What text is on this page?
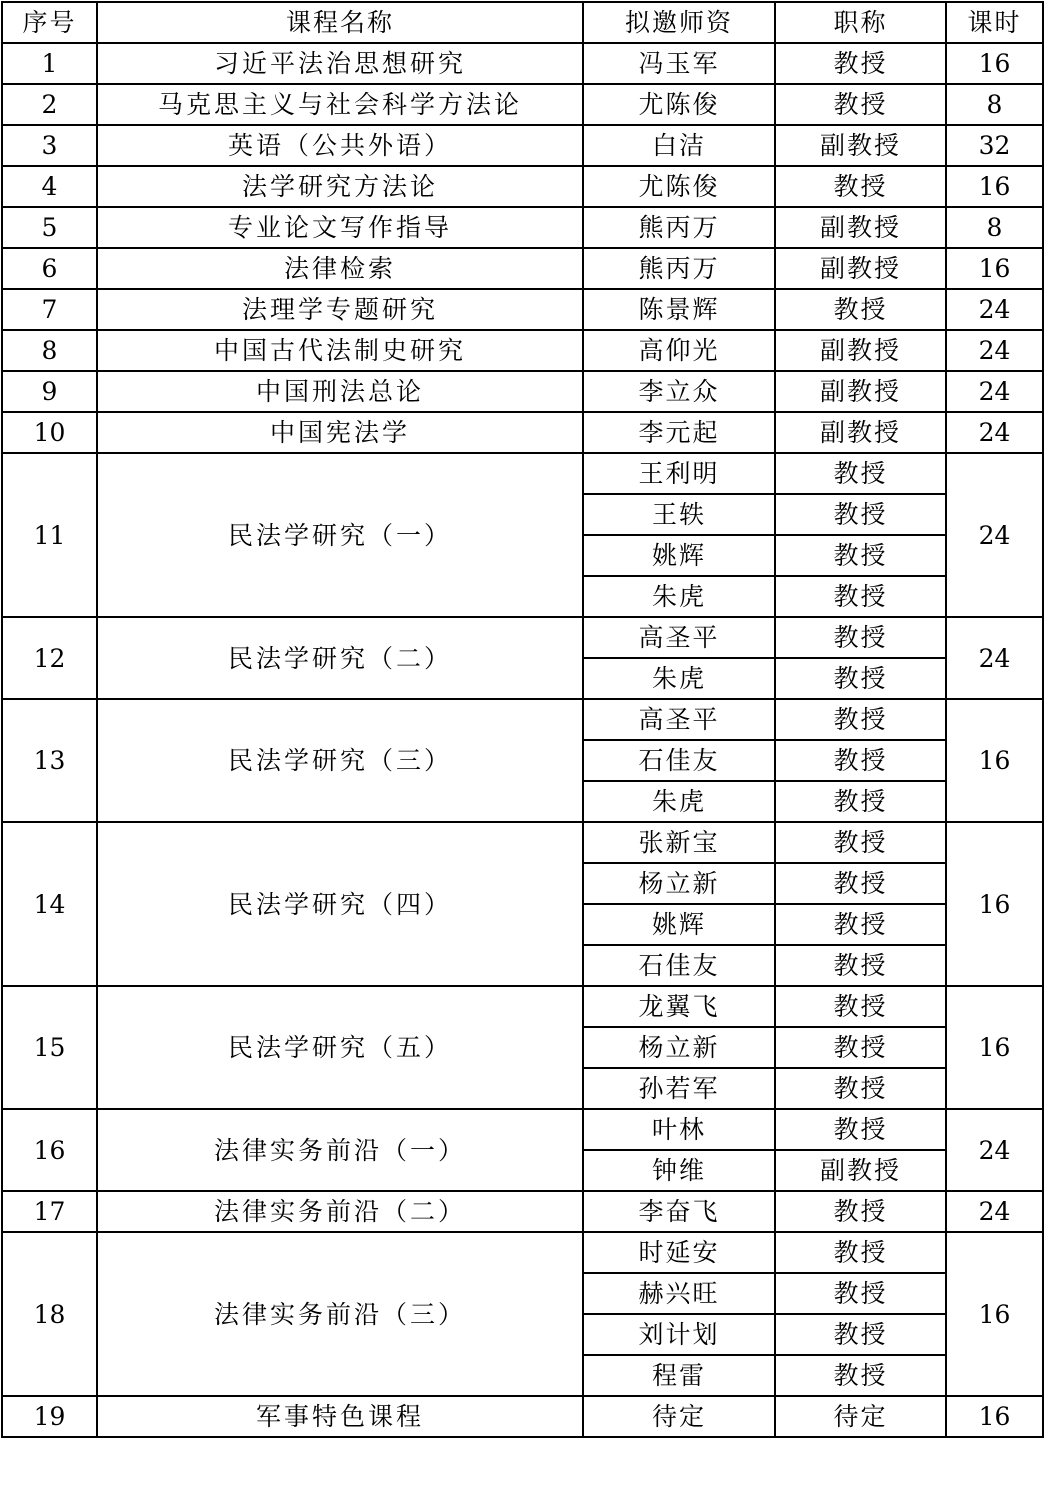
序号	课程名称	拟邀师资	职称	课时
1	习近平法治思想研究	冯玉军	教授	16
2	马克思主义与社会科学方法论	尤陈俊	教授	8
3	英语（公共外语）	白洁	副教授	32
4	法学研究方法论	尤陈俊	教授	16
5	专业论文写作指导	熊丙万	副教授	8
6	法律检索	熊丙万	副教授	16
7	法理学专题研究	陈景辉	教授	24
8	中国古代法制史研究	高仰光	副教授	24
9	中国刑法总论	李立众	副教授	24
10	中国宪法学	李元起	副教授	24
11	民法学研究（一）	王利明	教授	24
		王轶	教授	
		姚辉	教授	
		朱虎	教授	
12	民法学研究（二）	高圣平	教授	24
		朱虎	教授	
13	民法学研究（三）	高圣平	教授	16
		石佳友	教授	
		朱虎	教授	
14	民法学研究（四）	张新宝	教授	16
		杨立新	教授	
		姚辉	教授	
		石佳友	教授	
15	民法学研究（五）	龙翼飞	教授	16
		杨立新	教授	
		孙若军	教授	
16	法律实务前沿（一）	叶林	教授	24
		钟维	副教授	
17	法律实务前沿（二）	李奋飞	教授	24
18	法律实务前沿（三）	时延安	教授	16
		赫兴旺	教授	
		刘计划	教授	
		程雷	教授	
19	军事特色课程	待定	待定	16
